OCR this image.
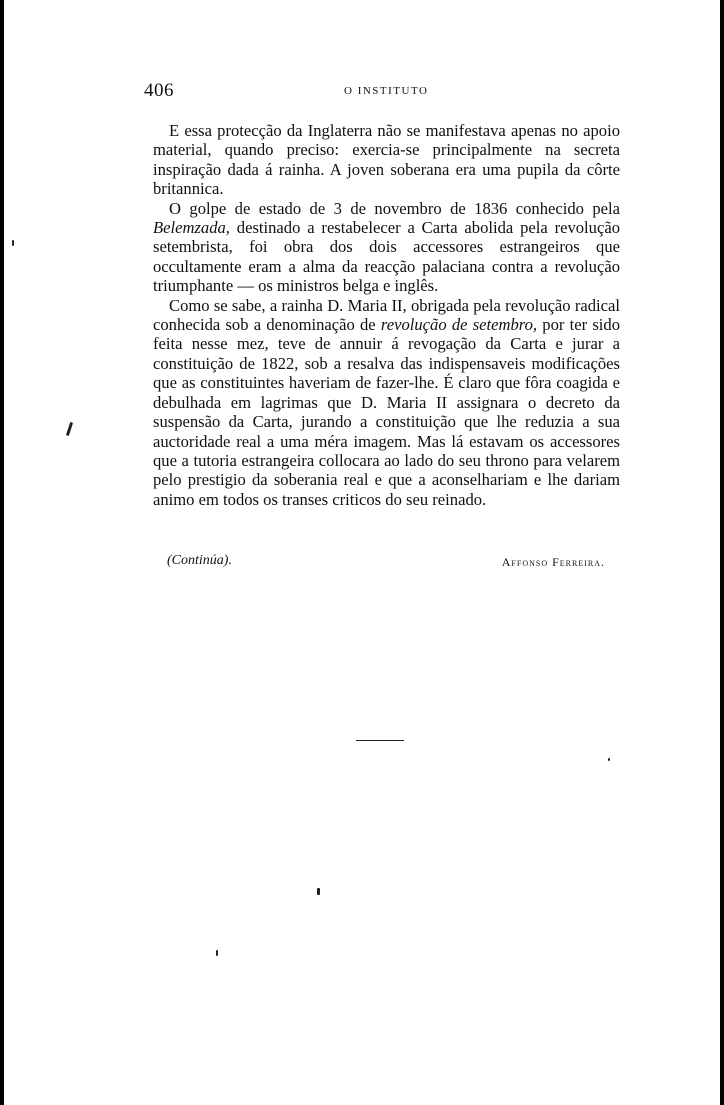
406	O INSTITUTO

E essa protecção da Inglaterra não se manifestava apenas no apoio material, quando preciso: exercia-se principalmente na secreta inspiração dada á rainha. A joven soberana era uma pupila da côrte britannica.

O golpe de estado de 3 de novembro de 1836 conhecido pela Belemzada, destinado a restabelecer a Carta abolida pela revolução setembrista, foi obra dos dois accessores estrangeiros que occultamente eram a alma da reacção palaciana contra a revolução triumphante — os ministros belga e inglês.

Como se sabe, a rainha D. Maria II, obrigada pela revolução radical conhecida sob a denominação de revolução de setembro, por ter sido feita nesse mez, teve de annuir á revogação da Carta e jurar a constituição de 1822, sob a resalva das indispensaveis modificações que as constituintes haveriam de fazer-lhe. É claro que fôra coagida e debulhada em lagrimas que D. Maria II assignara o decreto da suspensão da Carta, jurando a constituição que lhe reduzia a sua auctoridade real a uma méra imagem. Mas lá estavam os accessores que a tutoria estrangeira collocara ao lado do seu throno para velarem pelo prestigio da soberania real e que a aconselhariam e lhe dariam animo em todos os transes criticos do seu reinado.

(Continúa).	Affonso Ferreira.
